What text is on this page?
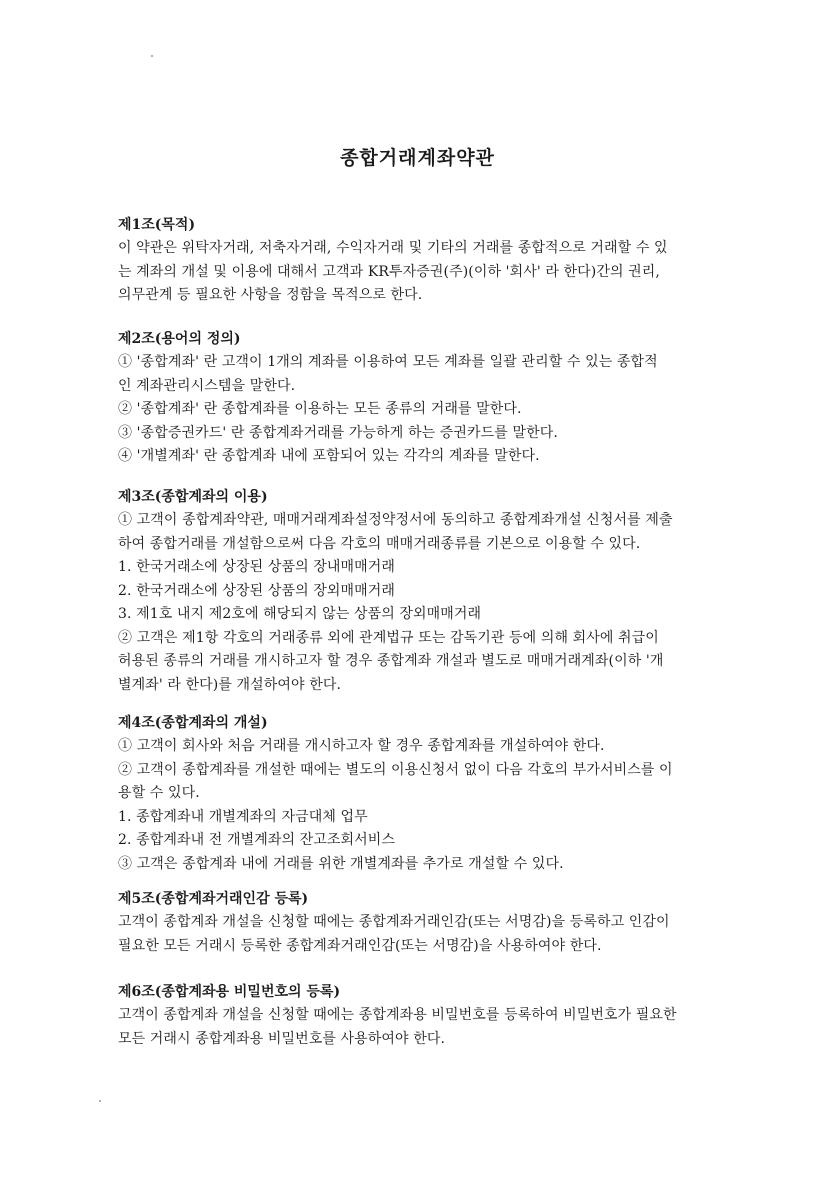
종합거래계좌약관
제1조(목적)
이 약관은 위탁자거래, 저축자거래, 수익자거래 및 기타의 거래를 종합적으로 거래할 수 있
는 계좌의 개설 및 이용에 대해서 고객과 KR투자증권(주)(이하 '회사' 라 한다)간의 권리,
의무관계 등 필요한 사항을 정함을 목적으로 한다.
제2조(용어의 정의)
① '종합계좌' 란 고객이 1개의 계좌를 이용하여 모든 계좌를 일괄 관리할 수 있는 종합적
인 계좌관리시스템을 말한다.
② '종합계좌' 란 종합계좌를 이용하는 모든 종류의 거래를 말한다.
③ '종합증권카드' 란 종합계좌거래를 가능하게 하는 증권카드를 말한다.
④ '개별계좌' 란 종합계좌 내에 포함되어 있는 각각의 계좌를 말한다.
제3조(종합계좌의 이용)
① 고객이 종합계좌약관, 매매거래계좌설정약정서에 동의하고 종합계좌개설 신청서를 제출
하여 종합거래를 개설함으로써 다음 각호의 매매거래종류를 기본으로 이용할 수 있다.
1. 한국거래소에 상장된 상품의 장내매매거래
2. 한국거래소에 상장된 상품의 장외매매거래
3. 제1호 내지 제2호에 해당되지 않는 상품의 장외매매거래
② 고객은 제1항 각호의 거래종류 외에 관계법규 또는 감독기관 등에 의해 회사에 취급이
허용된 종류의 거래를 개시하고자 할 경우 종합계좌 개설과 별도로 매매거래계좌(이하 '개
별계좌' 라 한다)를 개설하여야 한다.
제4조(종합계좌의 개설)
① 고객이 회사와 처음 거래를 개시하고자 할 경우 종합계좌를 개설하여야 한다.
② 고객이 종합계좌를 개설한 때에는 별도의 이용신청서 없이 다음 각호의 부가서비스를 이
용할 수 있다.
1. 종합계좌내 개별계좌의 자금대체 업무
2. 종합계좌내 전 개별계좌의 잔고조회서비스
③ 고객은 종합계좌 내에 거래를 위한 개별계좌를 추가로 개설할 수 있다.
제5조(종합계좌거래인감 등록)
고객이 종합계좌 개설을 신청할 때에는 종합계좌거래인감(또는 서명감)을 등록하고 인감이
필요한 모든 거래시 등록한 종합계좌거래인감(또는 서명감)을 사용하여야 한다.
제6조(종합계좌용 비밀번호의 등록)
고객이 종합계좌 개설을 신청할 때에는 종합계좌용 비밀번호를 등록하여 비밀번호가 필요한
모든 거래시 종합계좌용 비밀번호를 사용하여야 한다.
